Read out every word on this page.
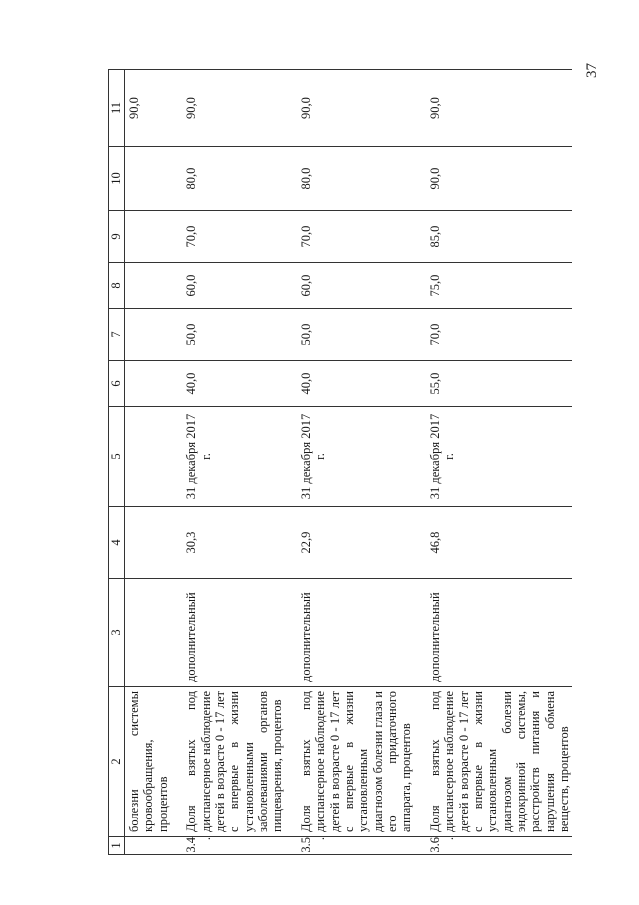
37
1	2	3	4	5	6	7	8	9	10	11
	болезни системы кровообращения, процентов									90,0
3.4.	Доля взятых под диспансерное наблюдение детей в возрасте 0 - 17 лет с впервые в жизни установленными заболеваниями органов пищеварения, процентов	дополнительный	30,3	31 декабря 2017 г.	40,0	50,0	60,0	70,0	80,0	90,0
3.5.	Доля взятых под диспансерное наблюдение детей в возрасте 0 - 17 лет с впервые в жизни установленным диагнозом болезни глаза и его придаточного аппарата, процентов	дополнительный	22,9	31 декабря 2017 г.	40,0	50,0	60,0	70,0	80,0	90,0
3.6.	Доля взятых под диспансерное наблюдение детей в возрасте 0 - 17 лет с впервые в жизни установленным диагнозом болезни эндокринной системы, расстройств питания и нарушения обмена веществ, процентов	дополнительный	46,8	31 декабря 2017 г.	55,0	70,0	75,0	85,0	90,0	90,0
